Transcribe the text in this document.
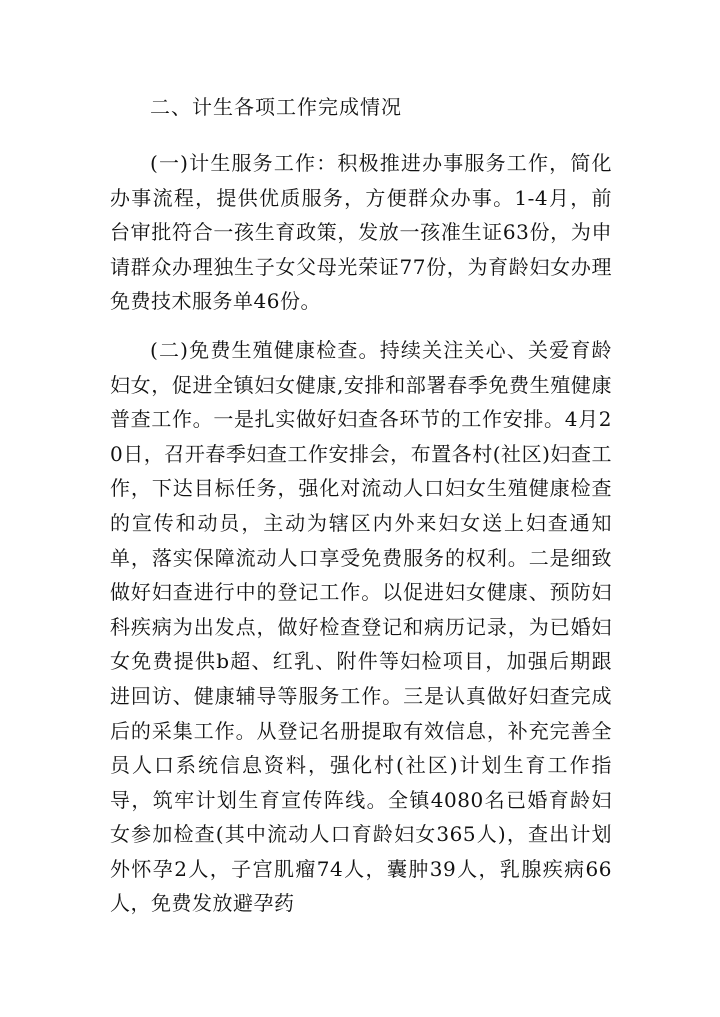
二、计生各项工作完成情况

(一)计生服务工作：积极推进办事服务工作，简化办事流程，提供优质服务，方便群众办事。1-4月，前台审批符合一孩生育政策，发放一孩准生证63份，为申请群众办理独生子女父母光荣证77份，为育龄妇女办理免费技术服务单46份。

(二)免费生殖健康检查。持续关注关心、关爱育龄妇女，促进全镇妇女健康,安排和部署春季免费生殖健康普查工作。一是扎实做好妇查各环节的工作安排。4月20日，召开春季妇查工作安排会，布置各村(社区)妇查工作，下达目标任务，强化对流动人口妇女生殖健康检查的宣传和动员，主动为辖区内外来妇女送上妇查通知单，落实保障流动人口享受免费服务的权利。二是细致做好妇查进行中的登记工作。以促进妇女健康、预防妇科疾病为出发点，做好检查登记和病历记录，为已婚妇女免费提供b超、红乳、附件等妇检项目，加强后期跟进回访、健康辅导等服务工作。三是认真做好妇查完成后的采集工作。从登记名册提取有效信息，补充完善全员人口系统信息资料，强化村(社区)计划生育工作指导，筑牢计划生育宣传阵线。全镇4080名已婚育龄妇女参加检查(其中流动人口育龄妇女365人)，查出计划外怀孕2人，子宫肌瘤74人，囊肿39人，乳腺疾病66人，免费发放避孕药
